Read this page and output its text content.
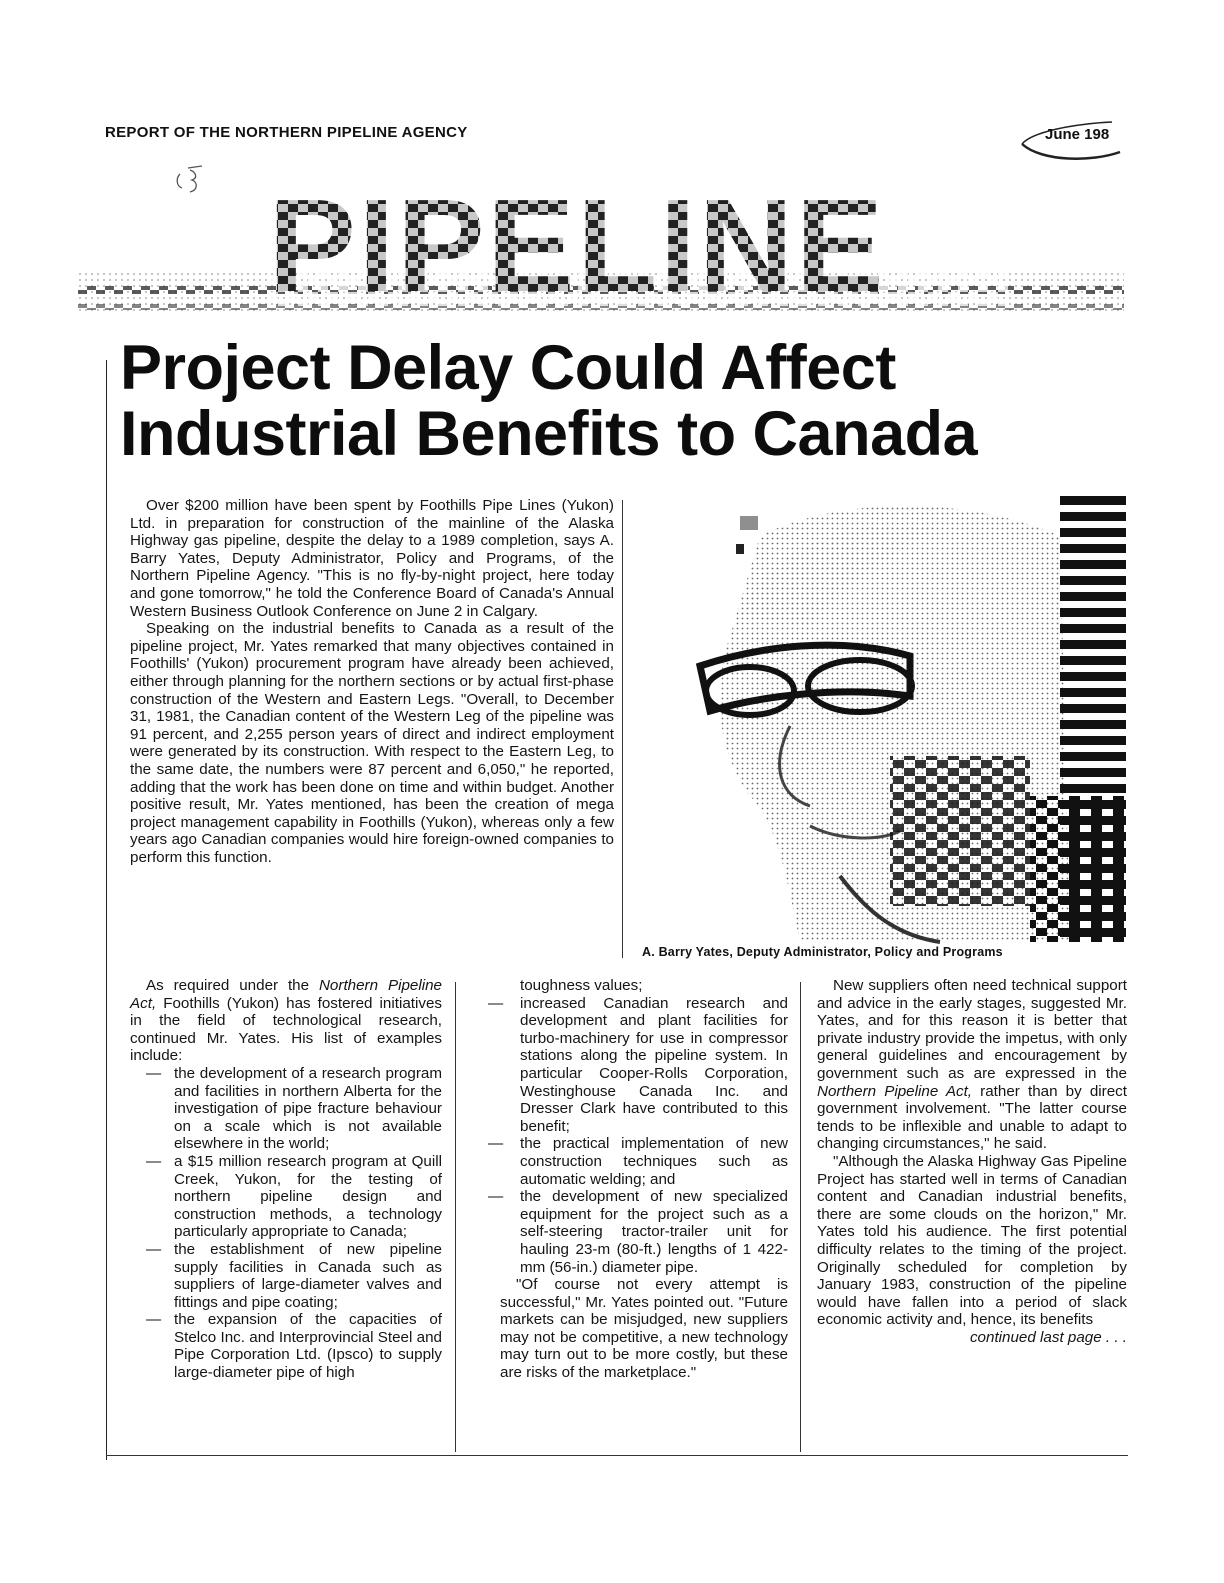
REPORT OF THE NORTHERN PIPELINE AGENCY	June 198
Project Delay Could Affect
Industrial Benefits to Canada

Over $200 million have been spent by Foothills Pipe Lines (Yukon) Ltd. in preparation for construction of the mainline of the Alaska Highway gas pipeline, despite the delay to a 1989 completion, says A. Barry Yates, Deputy Administrator, Policy and Programs, of the Northern Pipeline Agency. "This is no fly-by-night project, here today and gone tomorrow," he told the Conference Board of Canada's Annual Western Business Outlook Conference on June 2 in Calgary.

Speaking on the industrial benefits to Canada as a result of the pipeline project, Mr. Yates remarked that many objectives contained in Foothills' (Yukon) procurement program have already been achieved, either through planning for the northern sections or by actual first-phase construction of the Western and Eastern Legs. "Overall, to December 31, 1981, the Canadian content of the Western Leg of the pipeline was 91 percent, and 2,255 person years of direct and indirect employment were generated by its construction. With respect to the Eastern Leg, to the same date, the numbers were 87 percent and 6,050," he reported, adding that the work has been done on time and within budget. Another positive result, Mr. Yates mentioned, has been the creation of mega project management capability in Foothills (Yukon), whereas only a few years ago Canadian companies would hire foreign-owned companies to perform this function.

A. Barry Yates, Deputy Administrator, Policy and Programs

As required under the Northern Pipeline Act, Foothills (Yukon) has fostered initiatives in the field of technological research, continued Mr. Yates. His list of examples include:

— the development of a research program and facilities in northern Alberta for the investigation of pipe fracture behaviour on a scale which is not available elsewhere in the world;
— a $15 million research program at Quill Creek, Yukon, for the testing of northern pipeline design and construction methods, a technology particularly appropriate to Canada;
— the establishment of new pipeline supply facilities in Canada such as suppliers of large-diameter valves and fittings and pipe coating;
— the expansion of the capacities of Stelco Inc. and Interprovincial Steel and Pipe Corporation Ltd. (Ipsco) to supply large-diameter pipe of high

toughness values;

— increased Canadian research and development and plant facilities for turbo-machinery for use in compressor stations along the pipeline system. In particular Cooper-Rolls Corporation, Westinghouse Canada Inc. and Dresser Clark have contributed to this benefit;
— the practical implementation of new construction techniques such as automatic welding; and
— the development of new specialized equipment for the project such as a self-steering tractor-trailer unit for hauling 23-m (80-ft.) lengths of 1 422-mm (56-in.) diameter pipe.

"Of course not every attempt is successful," Mr. Yates pointed out. "Future markets can be misjudged, new suppliers may not be competitive, a new technology may turn out to be more costly, but these are risks of the marketplace."

New suppliers often need technical support and advice in the early stages, suggested Mr. Yates, and for this reason it is better that private industry provide the impetus, with only general guidelines and encouragement by government such as are expressed in the Northern Pipeline Act, rather than by direct government involvement. "The latter course tends to be inflexible and unable to adapt to changing circumstances," he said.

"Although the Alaska Highway Gas Pipeline Project has started well in terms of Canadian content and Canadian industrial benefits, there are some clouds on the horizon," Mr. Yates told his audience. The first potential difficulty relates to the timing of the project. Originally scheduled for completion by January 1983, construction of the pipeline would have fallen into a period of slack economic activity and, hence, its benefits

continued last page . . .
